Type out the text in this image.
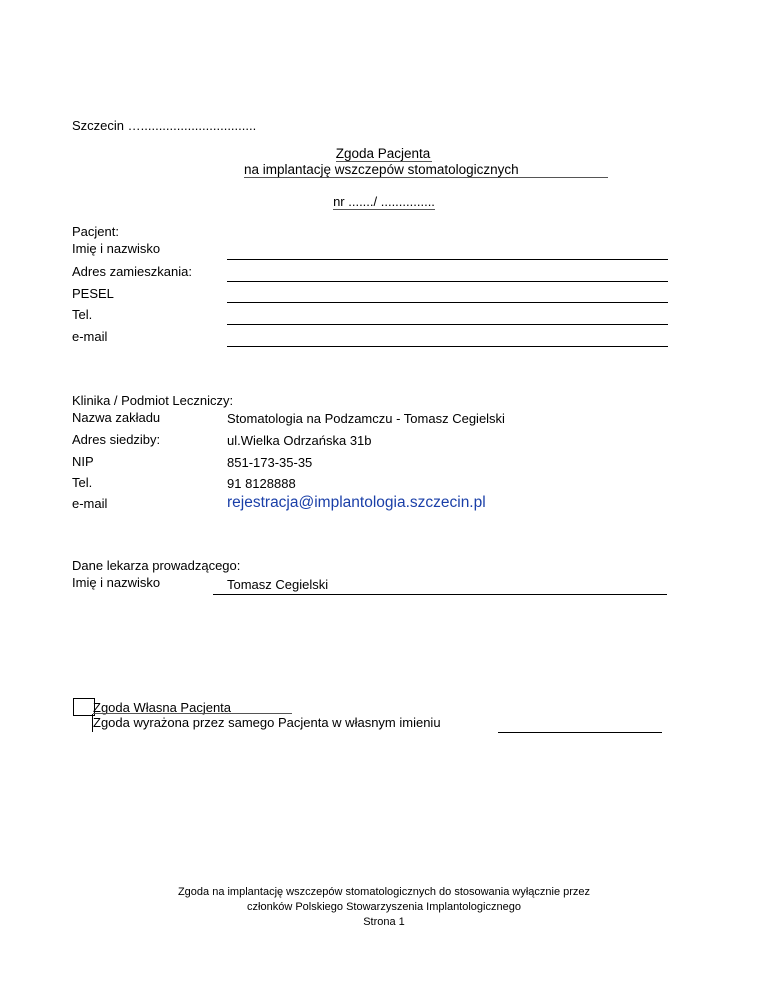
Szczecin …................................
Zgoda Pacjenta
na implantację wszczepów stomatologicznych
nr ......./ ...............
Pacjent:
Imię i nazwisko
Adres zamieszkania:
PESEL
Tel.
e-mail
Klinika / Podmiot Leczniczy:
Nazwa zakładu	Stomatologia na Podzamczu - Tomasz Cegielski
Adres siedziby:	ul.Wielka Odrzańska 31b
NIP	851-173-35-35
Tel.	91 8128888
e-mail	rejestracja@implantologia.szczecin.pl
Dane lekarza prowadzącego:
Imię i nazwisko	Tomasz Cegielski
Zgoda Własna Pacjenta
Zgoda wyrażona przez samego Pacjenta w własnym imieniu
Zgoda na implantację wszczepów stomatologicznych do stosowania wyłącznie przez
członków Polskiego Stowarzyszenia Implantologicznego
Strona 1
